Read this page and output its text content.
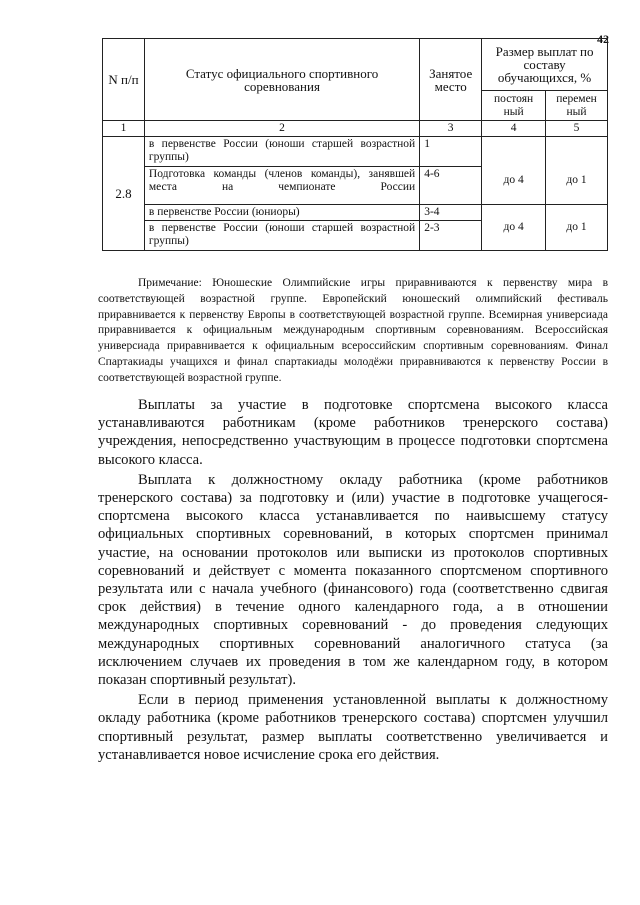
42
N п/п	Статус официального спортивного соревнования	Занятое место	Размер выплат по составу обучающихся, %	
			постоян ный	перемен ный
1	2	3	4	5
2.8	в первенстве России (юноши старшей возрастной группы)	1	до 4	до 1
	Подготовка команды (членов команды), занявшей места на чемпионате России	4-6		
	в первенстве России (юниоры)	3-4	до 4	до 1
	в первенстве России (юноши старшей возрастной группы)	2-3		

Примечание: Юношеские Олимпийские игры приравниваются к первенству мира в соответствующей возрастной группе. Европейский юношеский олимпийский фестиваль приравнивается к первенству Европы в соответствующей возрастной группе. Всемирная универсиада приравнивается к официальным международным спортивным соревнованиям. Всероссийская универсиада приравнивается к официальным всероссийским спортивным соревнованиям. Финал Спартакиады учащихся и финал спартакиады молодёжи приравниваются к первенству России в соответствующей возрастной группе.

Выплаты за участие в подготовке спортсмена высокого класса устанавливаются работникам (кроме работников тренерского состава) учреждения, непосредственно участвующим в процессе подготовки спортсмена высокого класса.

Выплата к должностному окладу работника (кроме работников тренерского состава) за подготовку и (или) участие в подготовке учащегося-спортсмена высокого класса устанавливается по наивысшему статусу официальных спортивных соревнований, в которых спортсмен принимал участие, на основании протоколов или выписки из протоколов спортивных соревнований и действует с момента показанного спортсменом спортивного результата или с начала учебного (финансового) года (соответственно сдвигая срок действия) в течение одного календарного года, а в отношении международных спортивных соревнований - до проведения следующих международных спортивных соревнований аналогичного статуса (за исключением случаев их проведения в том же календарном году, в котором показан спортивный результат).

Если в период применения установленной выплаты к должностному окладу работника (кроме работников тренерского состава) спортсмен улучшил спортивный результат, размер выплаты соответственно увеличивается и устанавливается новое исчисление срока его действия.
